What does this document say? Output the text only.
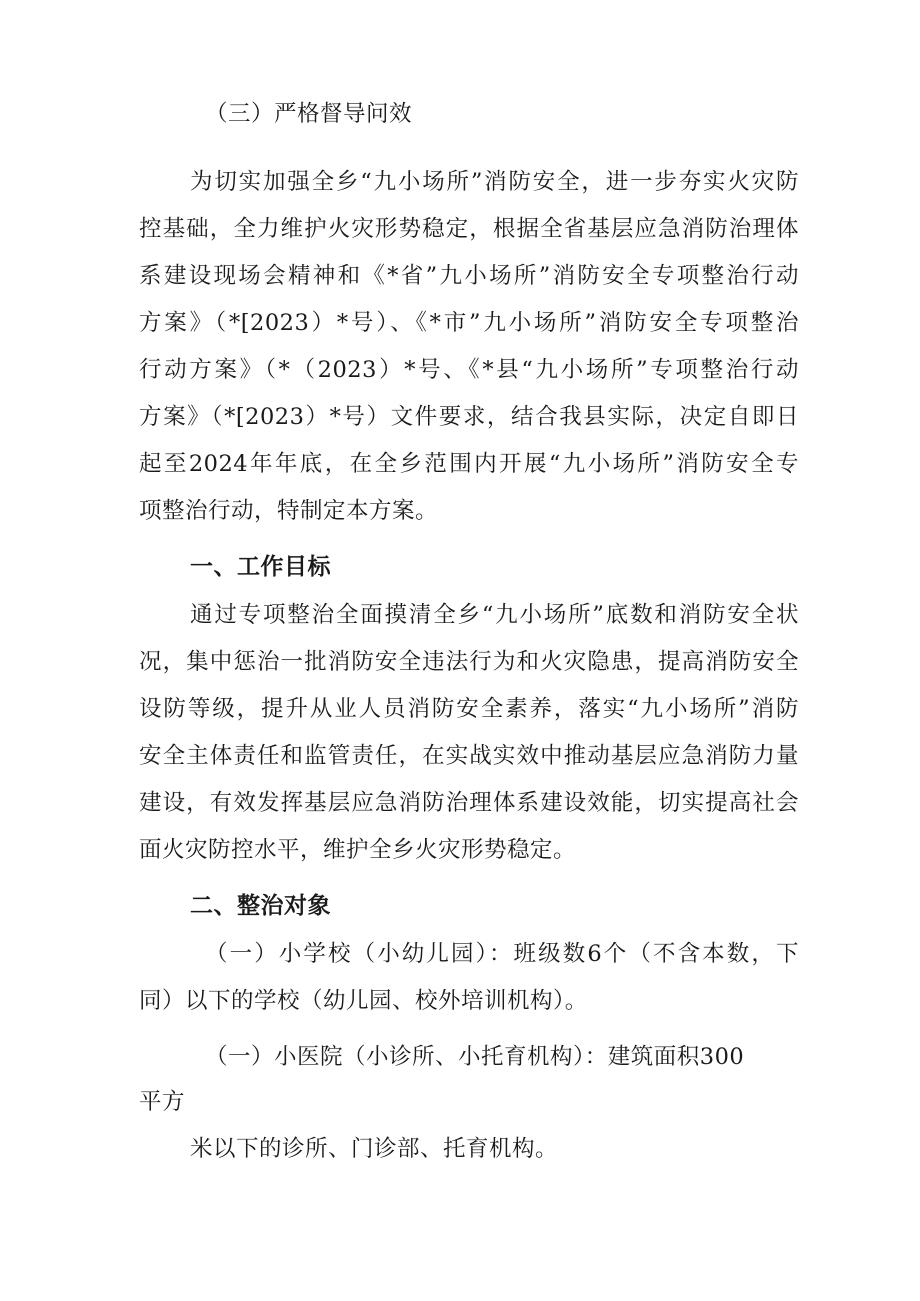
（三）严格督导问效
为切实加强全乡“九小场所”消防安全，进一步夯实火灾防
控基础，全力维护火灾形势稳定，根据全省基层应急消防治理体
系建设现场会精神和《*省”九小场所”消防安全专项整治行动
方案》（*[2023）*号）、《*市”九小场所”消防安全专项整治
行动方案》（*（2023）*号、《*县“九小场所”专项整治行动
方案》（*[2023）*号）文件要求，结合我县实际，决定自即日
起至2024年年底，在全乡范围内开展“九小场所”消防安全专
项整治行动，特制定本方案。
一、工作目标
通过专项整治全面摸清全乡“九小场所”底数和消防安全状
况，集中惩治一批消防安全违法行为和火灾隐患，提高消防安全
设防等级，提升从业人员消防安全素养，落实“九小场所”消防
安全主体责任和监管责任，在实战实效中推动基层应急消防力量
建设，有效发挥基层应急消防治理体系建设效能，切实提高社会
面火灾防控水平，维护全乡火灾形势稳定。
二、整治对象
（一）小学校（小幼儿园）：班级数6个（不含本数，下
同）以下的学校（幼儿园、校外培训机构）。
（一）小医院（小诊所、小托育机构）：建筑面积300
平方
米以下的诊所、门诊部、托育机构。
